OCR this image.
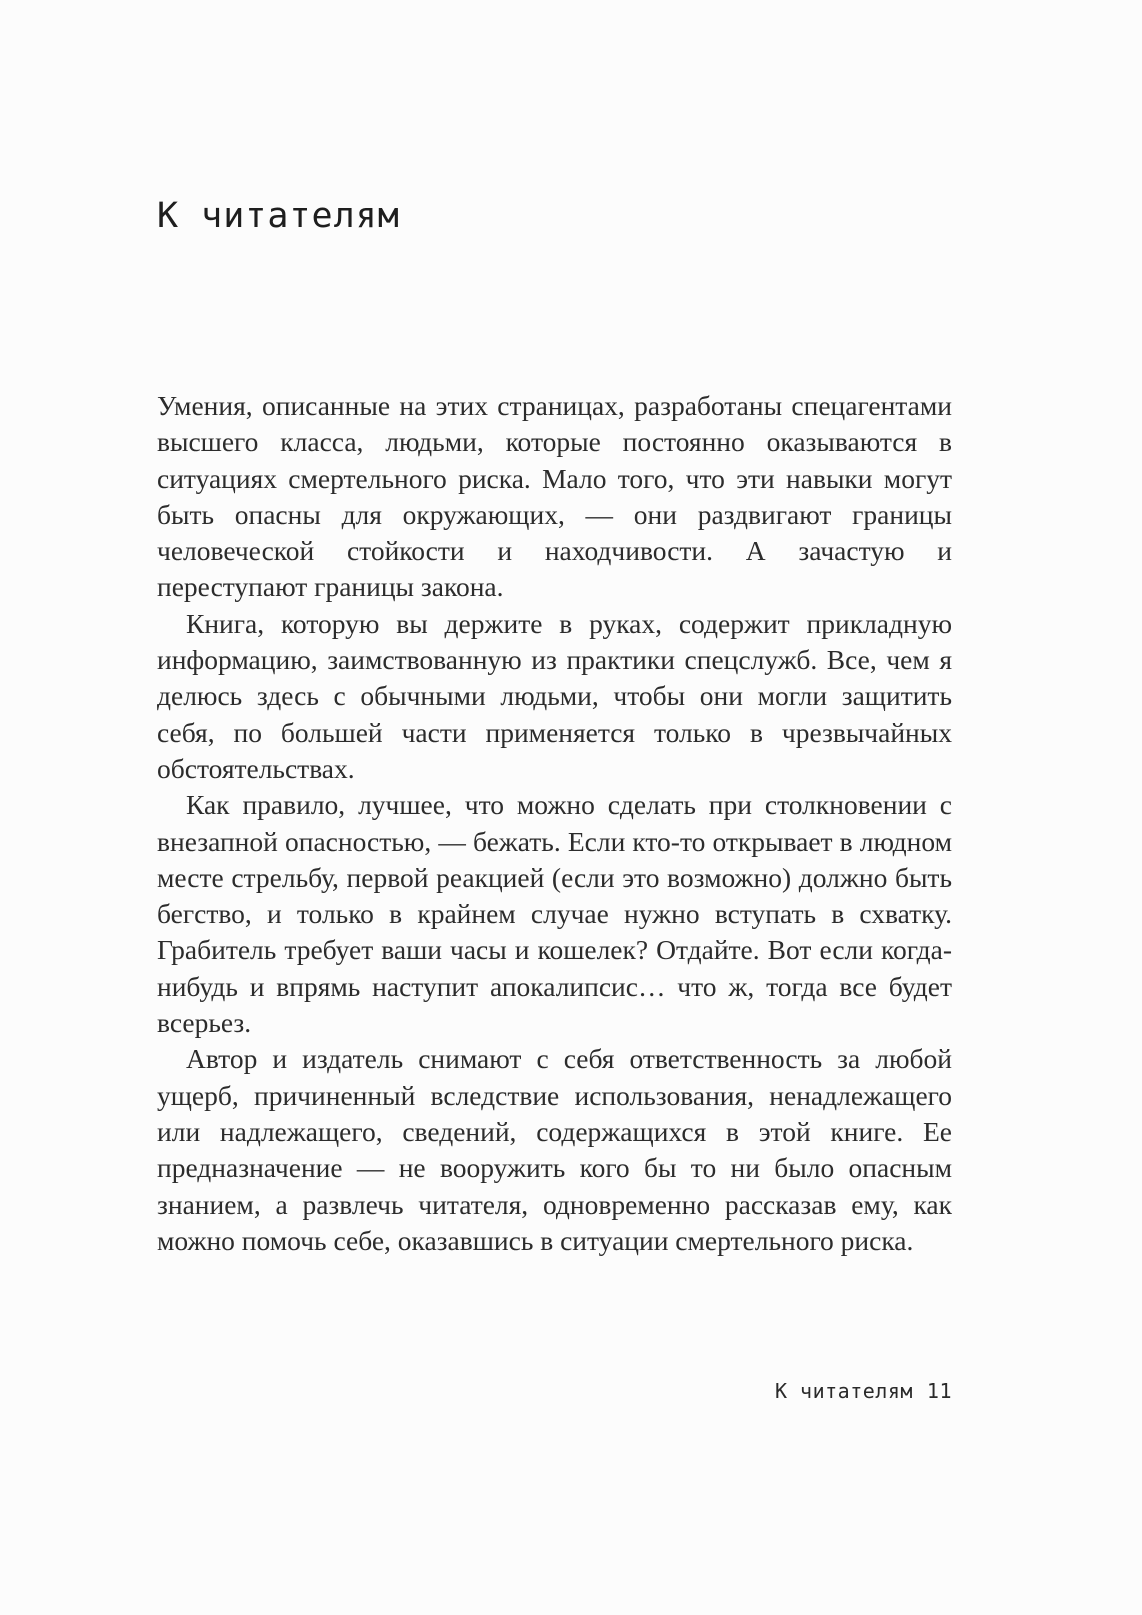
К читателям

Умения, описанные на этих страницах, разработаны спецагентами высшего класса, людьми, которые постоянно оказываются в ситуациях смертельного риска. Мало того, что эти навыки могут быть опасны для окружающих, — они раздвигают границы человеческой стойкости и находчивости. А зачастую и переступают границы закона.

Книга, которую вы держите в руках, содержит прикладную информацию, заимствованную из практики спецслужб. Все, чем я делюсь здесь с обычными людьми, чтобы они могли защитить себя, по большей части применяется только в чрезвычайных обстоятельствах.

Как правило, лучшее, что можно сделать при столкновении с внезапной опасностью, — бежать. Если кто-то открывает в людном месте стрельбу, первой реакцией (если это возможно) должно быть бегство, и только в крайнем случае нужно вступать в схватку. Грабитель требует ваши часы и кошелек? Отдайте. Вот если когда-нибудь и впрямь наступит апокалипсис… что ж, тогда все будет всерьез.

Автор и издатель снимают с себя ответственность за любой ущерб, причиненный вследствие использования, ненадлежащего или надлежащего, сведений, содержащихся в этой книге. Ее предназначение — не вооружить кого бы то ни было опасным знанием, а развлечь читателя, одновременно рассказав ему, как можно помочь себе, оказавшись в ситуации смертельного риска.

К читателям 11
